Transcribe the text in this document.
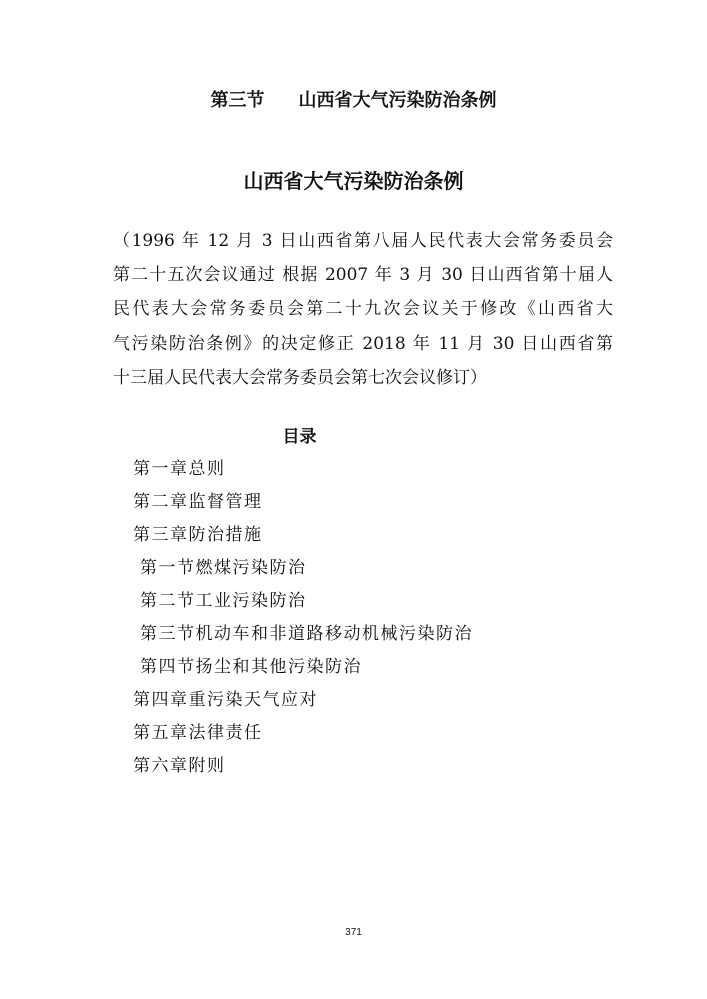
第三节 山西省大气污染防治条例
山西省大气污染防治条例
（1996 年 12 月 3 日山西省第八届人民代表大会常务委员会
第二十五次会议通过 根据 2007 年 3 月 30 日山西省第十届人
民代表大会常务委员会第二十九次会议关于修改《山西省大
气污染防治条例》的决定修正 2018 年 11 月 30 日山西省第
十三届人民代表大会常务委员会第七次会议修订）
目录
第一章总则
第二章监督管理
第三章防治措施
第一节燃煤污染防治
第二节工业污染防治
第三节机动车和非道路移动机械污染防治
第四节扬尘和其他污染防治
第四章重污染天气应对
第五章法律责任
第六章附则
371
